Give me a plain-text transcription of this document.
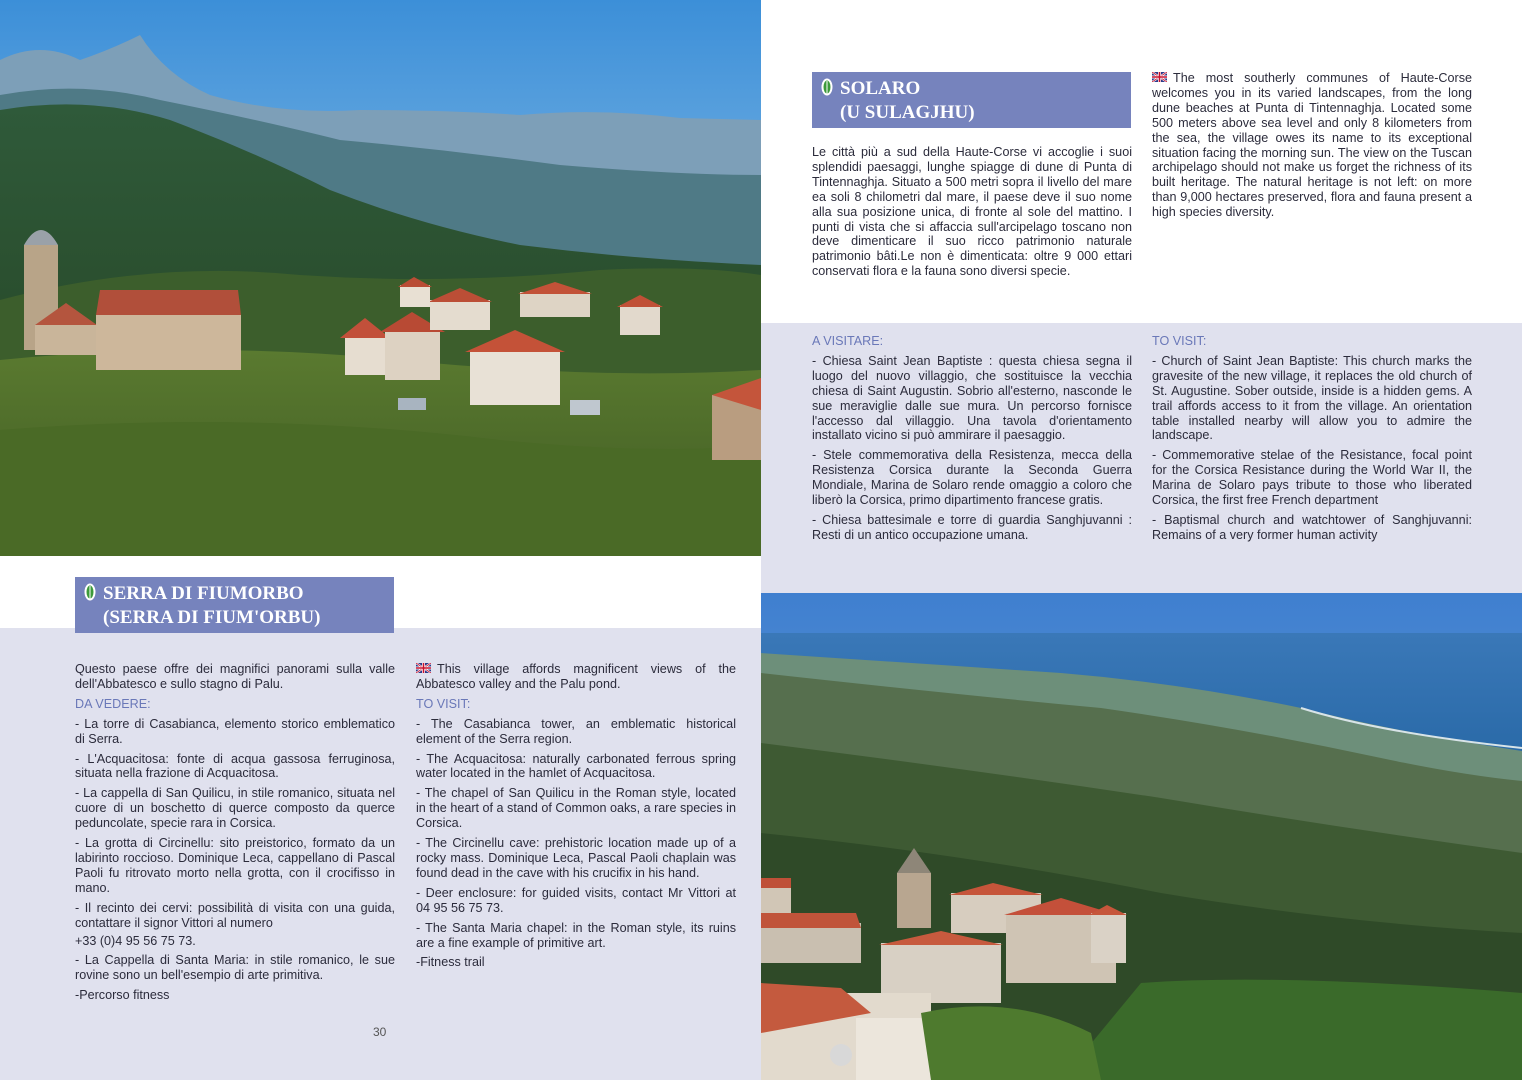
SERRA DI FIUMORBO
(SERRA DI FIUM'ORBU)

Questo paese offre dei magnifici panorami sulla valle dell'Abbatesco e sullo stagno di Palu.

DA VEDERE:

- La torre di Casabianca, elemento storico emblematico di Serra.

- L'Acquacitosa: fonte di acqua gassosa ferruginosa, situata nella frazione di Acquacitosa.

- La cappella di San Quilicu, in stile romanico, situata nel cuore di un boschetto di querce composto da querce peduncolate, specie rara in Corsica.

- La grotta di Circinellu: sito preistorico, formato da un labirinto roccioso. Dominique Leca, cappellano di Pascal Paoli fu ritrovato morto nella grotta, con il crocifisso in mano.

- Il recinto dei cervi: possibilità di visita con una guida, contattare il signor Vittori al numero

+33 (0)4 95 56 75 73.

- La Cappella di Santa Maria: in stile romanico, le sue rovine sono un bell'esempio di arte primitiva.

-Percorso fitness

This village affords magnificent views of the Abbatesco valley and the Palu pond.

TO VISIT:

- The Casabianca tower, an emblematic historical element of the Serra region.

- The Acquacitosa: naturally carbonated ferrous spring water located in the hamlet of Acquacitosa.

- The chapel of San Quilicu in the Roman style, located in the heart of a stand of Common oaks, a rare species in Corsica.

- The Circinellu cave: prehistoric location made up of a rocky mass. Dominique Leca, Pascal Paoli chaplain was found dead in the cave with his crucifix in his hand.

- Deer enclosure: for guided visits, contact Mr Vittori at 04 95 56 75 73.

- The Santa Maria chapel: in the Roman style, its ruins are a fine example of primitive art.

-Fitness trail

30
SOLARO
(U SULAGJHU)

Le città più a sud della Haute-Corse vi accoglie i suoi splendidi paesaggi, lunghe spiagge di dune di Punta di Tintennaghja. Situato a 500 metri sopra il livello del mare ea soli 8 chilometri dal mare, il paese deve il suo nome alla sua posizione unica, di fronte al sole del mattino. I punti di vista che si affaccia sull'arcipelago toscano non deve dimenticare il suo ricco patrimonio naturale patrimonio bâti.Le non è dimenticata: oltre 9 000 ettari conservati flora e la fauna sono diversi specie.

The most southerly communes of Haute-Corse welcomes you in its varied landscapes, from the long dune beaches at Punta di Tintennaghja. Located some 500 meters above sea level and only 8 kilometers from the sea, the village owes its name to its exceptional situation facing the morning sun. The view on the Tuscan archipelago should not make us forget the richness of its built heritage. The natural heritage is not left: on more than 9,000 hectares preserved, flora and fauna present a high species diversity.

A VISITARE:

- Chiesa Saint Jean Baptiste : questa chiesa segna il luogo del nuovo villaggio, che sostituisce la vecchia chiesa di Saint Augustin. Sobrio all'esterno, nasconde le sue meraviglie dalle sue mura. Un percorso fornisce l'accesso dal villaggio. Una tavola d'orientamento installato vicino si può ammirare il paesaggio.

- Stele commemorativa della Resistenza, mecca della Resistenza Corsica durante la Seconda Guerra Mondiale, Marina de Solaro rende omaggio a coloro che liberò la Corsica, primo dipartimento francese gratis.

- Chiesa battesimale e torre di guardia Sanghjuvanni : Resti di un antico occupazione umana.

TO VISIT:

- Church of Saint Jean Baptiste: This church marks the gravesite of the new village, it replaces the old church of St. Augustine. Sober outside, inside is a hidden gems. A trail affords access to it from the village. An orientation table installed nearby will allow you to admire the landscape.

- Commemorative stelae of the Resistance, focal point for the Corsica Resistance during the World War II, the Marina de Solaro pays tribute to those who liberated Corsica, the first free French department

- Baptismal church and watchtower of Sanghjuvanni: Remains of a very former human activity
